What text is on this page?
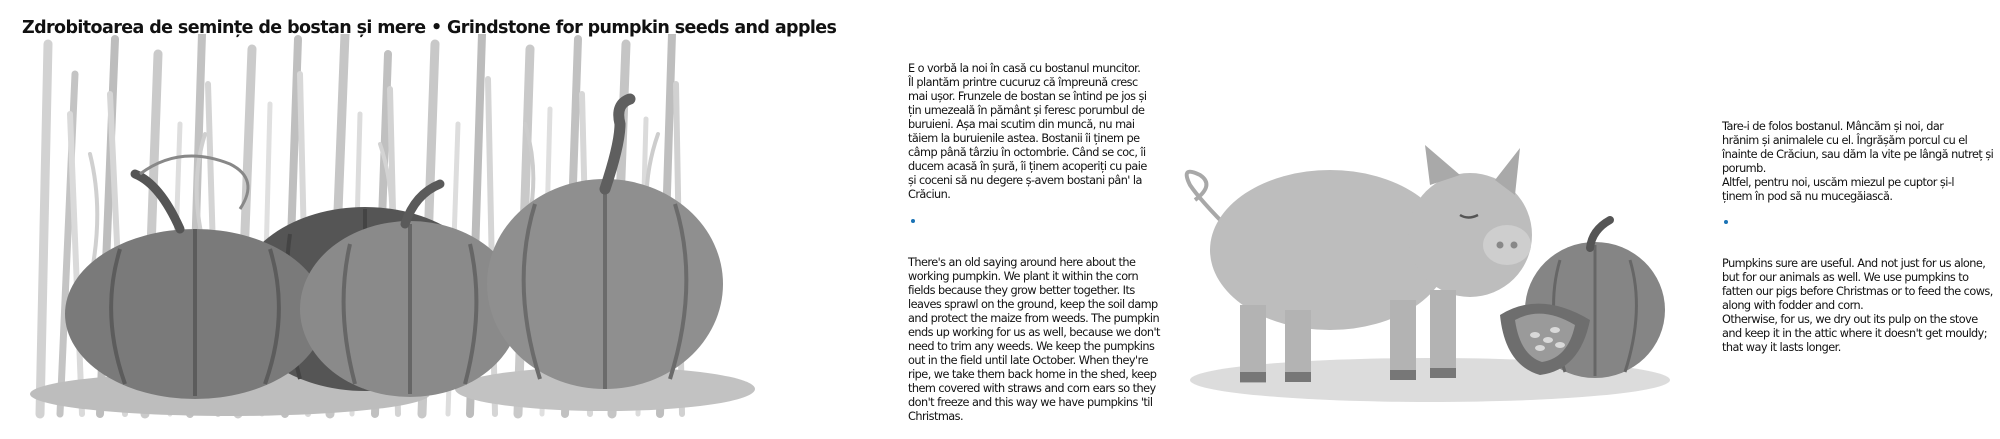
Zdrobitoarea de semințe de bostan și mere • Grindstone for pumpkin seeds and apples

E o vorbă la noi în casă cu bostanul muncitor.
Îl plantăm printre cucuruz că împreună cresc
mai ușor. Frunzele de bostan se întind pe jos și
țin umezeală în pământ și feresc porumbul de
buruieni. Așa mai scutim din muncă, nu mai
tăiem la buruienile astea. Bostanii îi ținem pe
câmp până târziu în octombrie. Când se coc, îi
ducem acasă în șură, îi ținem acoperiți cu paie
și coceni să nu degere ș-avem bostani pân' la
Crăciun.

There's an old saying around here about the
working pumpkin. We plant it within the corn
fields because they grow better together. Its
leaves sprawl on the ground, keep the soil damp
and protect the maize from weeds. The pumpkin
ends up working for us as well, because we don't
need to trim any weeds. We keep the pumpkins
out in the field until late October. When they're
ripe, we take them back home in the shed, keep
them covered with straws and corn ears so they
don't freeze and this way we have pumpkins 'til
Christmas.

Tare-i de folos bostanul. Mâncăm și noi, dar
hrănim și animalele cu el. Îngrășăm porcul cu el
înainte de Crăciun, sau dăm la vite pe lângă nutreț și
porumb.
Altfel, pentru noi, uscăm miezul pe cuptor și-l
ținem în pod să nu mucegăiască.

Pumpkins sure are useful. And not just for us alone,
but for our animals as well. We use pumpkins to
fatten our pigs before Christmas or to feed the cows,
along with fodder and corn.
Otherwise, for us, we dry out its pulp on the stove
and keep it in the attic where it doesn't get mouldy;
that way it lasts longer.
